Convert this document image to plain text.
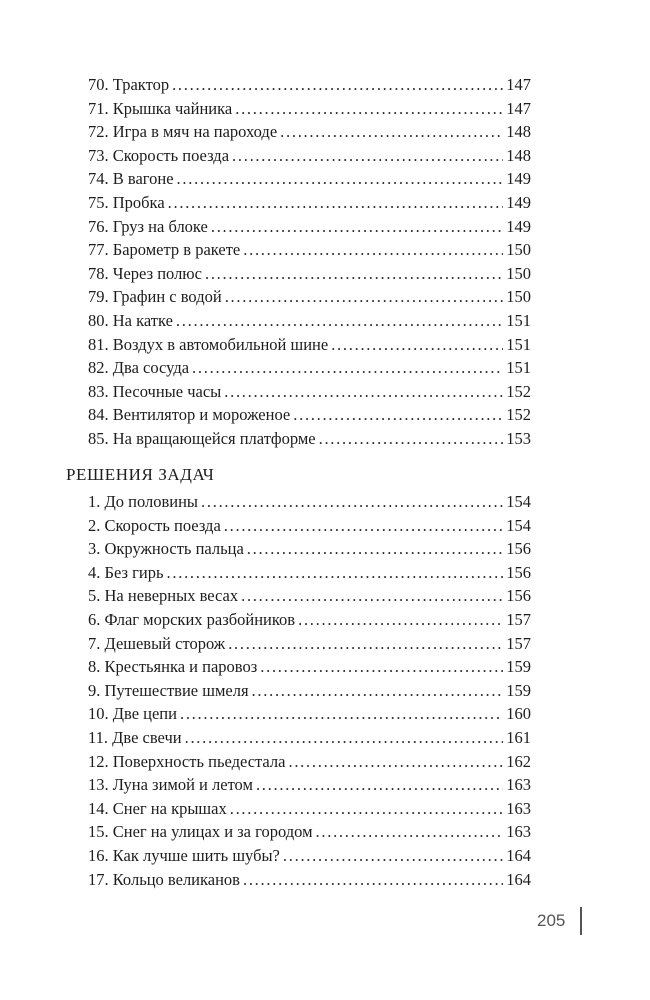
70. Трактор . . .	147
71. Крышка чайника . . .	147
72. Игра в мяч на пароходе . . .	148
73. Скорость поезда . . .	148
74. В вагоне . . .	149
75. Пробка . . .	149
76. Груз на блоке . . .	149
77. Барометр в ракете . . .	150
78. Через полюс . . .	150
79. Графин с водой . . .	150
80. На катке . . .	151
81. Воздух в автомобильной шине . . .	151
82. Два сосуда . . .	151
83. Песочные часы . . .	152
84. Вентилятор и мороженое . . .	152
85. На вращающейся платформе . . .	153
РЕШЕНИЯ ЗАДАЧ
1. До половины . . .	154
2. Скорость поезда . . .	154
3. Окружность пальца . . .	156
4. Без гирь . . .	156
5. На неверных весах . . .	156
6. Флаг морских разбойников . . .	157
7. Дешевый сторож . . .	157
8. Крестьянка и паровоз . . .	159
9. Путешествие шмеля . . .	159
10. Две цепи . . .	160
11. Две свечи . . .	161
12. Поверхность пьедестала . . .	162
13. Луна зимой и летом . . .	163
14. Снег на крышах . . .	163
15. Снег на улицах и за городом . . .	163
16. Как лучше шить шубы? . . .	164
17. Кольцо великанов . . .	164
205
